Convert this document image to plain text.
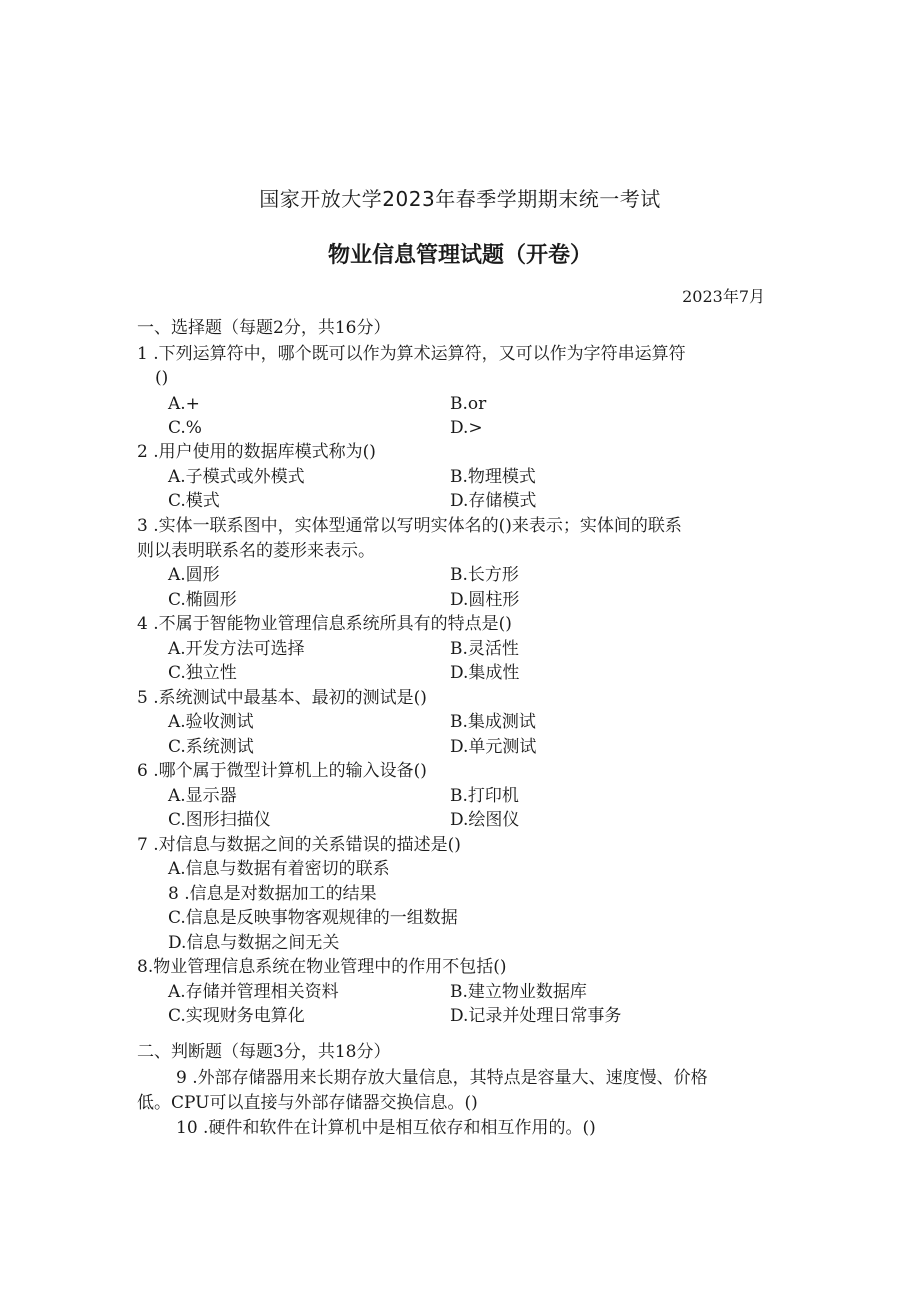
国家开放大学2023年春季学期期末统一考试
物业信息管理试题（开卷）
2023年7月
一、选择题（每题2分，共16分）
1 .下列运算符中，哪个既可以作为算术运算符，又可以作为字符串运算符
()
A.+	B.or
C.%	D.>
2 .用户使用的数据库模式称为()
A.子模式或外模式	B.物理模式
C.模式	D.存储模式
3 .实体一联系图中，实体型通常以写明实体名的()来表示；实体间的联系
则以表明联系名的菱形来表示。
A.圆形	B.长方形
C.椭圆形	D.圆柱形
4 .不属于智能物业管理信息系统所具有的特点是()
A.开发方法可选择	B.灵活性
C.独立性	D.集成性
5 .系统测试中最基本、最初的测试是()
A.验收测试	B.集成测试
C.系统测试	D.单元测试
6 .哪个属于微型计算机上的输入设备()
A.显示器	B.打印机
C.图形扫描仪	D.绘图仪
7 .对信息与数据之间的关系错误的描述是()
A.信息与数据有着密切的联系
8 .信息是对数据加工的结果
C.信息是反映事物客观规律的一组数据
D.信息与数据之间无关
8.物业管理信息系统在物业管理中的作用不包括()
A.存储并管理相关资料	B.建立物业数据库
C.实现财务电算化	D.记录并处理日常事务
二、判断题（每题3分，共18分）
9 .外部存储器用来长期存放大量信息，其特点是容量大、速度慢、价格
低。CPU可以直接与外部存储器交换信息。()
10 .硬件和软件在计算机中是相互依存和相互作用的。()
